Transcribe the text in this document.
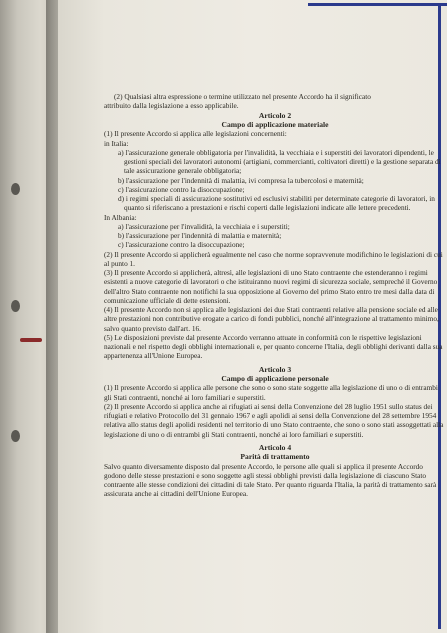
(2) Qualsiasi altra espressione o termine utilizzato nel presente Accordo ha il significato

attribuito dalla legislazione a esso applicabile.

Articolo 2

Campo di applicazione materiale

(1) Il presente Accordo si applica alle legislazioni concernenti:

in Italia:

a) l'assicurazione generale obbligatoria per l'invalidità, la vecchiaia e i superstiti dei lavoratori dipendenti, le gestioni speciali dei lavoratori autonomi (artigiani, commercianti, coltivatori diretti) e la gestione separata di tale assicurazione generale obbligatoria;

b) l'assicurazione per l'indennità di malattia, ivi compresa la tubercolosi e maternità;

c) l'assicurazione contro la disoccupazione;

d) i regimi speciali di assicurazione sostitutivi ed esclusivi stabiliti per determinate categorie di lavoratori, in quanto si riferiscano a prestazioni e rischi coperti dalle legislazioni indicate alle lettere precedenti.

In Albania:

a) l'assicurazione per l'invalidità, la vecchiaia e i superstiti;

b) l'assicurazione per l'indennità di malattia e maternità;

c) l'assicurazione contro la disoccupazione;

(2) Il presente Accordo si applicherà egualmente nel caso che norme sopravvenute modifichino le legislazioni di cui al punto 1.

(3) Il presente Accordo si applicherà, altresì, alle legislazioni di uno Stato contraente che estenderanno i regimi esistenti a nuove categorie di lavoratori o che istituiranno nuovi regimi di sicurezza sociale, sempreché il Governo dell'altro Stato contraente non notifichi la sua opposizione al Governo del primo Stato entro tre mesi dalla data di comunicazione ufficiale di dette estensioni.

(4) Il presente Accordo non si applica alle legislazioni dei due Stati contraenti relative alla pensione sociale ed alle altre prestazioni non contributive erogate a carico di fondi pubblici, nonché all'integrazione al trattamento minimo, salvo quanto previsto dall'art. 16.

(5) Le disposizioni previste dal presente Accordo verranno attuate in conformità con le rispettive legislazioni nazionali e nel rispetto degli obblighi internazionali e, per quanto concerne l'Italia, degli obblighi derivanti dalla sua appartenenza all'Unione Europea.

Articolo 3

Campo di applicazione personale

(1) Il presente Accordo si applica alle persone che sono o sono state soggette alla legislazione di uno o di entrambi gli Stati contraenti, nonché ai loro familiari e superstiti.

(2) Il presente Accordo si applica anche ai rifugiati ai sensi della Convenzione del 28 luglio 1951 sullo status dei rifugiati e relativo Protocollo del 31 gennaio 1967 e agli apolidi ai sensi della Convenzione del 28 settembre 1954 relativa allo status degli apolidi residenti nel territorio di uno Stato contraente, che sono o sono stati assoggettati alla legislazione di uno o di entrambi gli Stati contraenti, nonché ai loro familiari e superstiti.

Articolo 4

Parità di trattamento

Salvo quanto diversamente disposto dal presente Accordo, le persone alle quali si applica il presente Accordo godono delle stesse prestazioni e sono soggette agli stessi obblighi previsti dalla legislazione di ciascuno Stato contraente alle stesse condizioni dei cittadini di tale Stato. Per quanto riguarda l'Italia, la parità di trattamento sarà assicurata anche ai cittadini dell'Unione Europea.
